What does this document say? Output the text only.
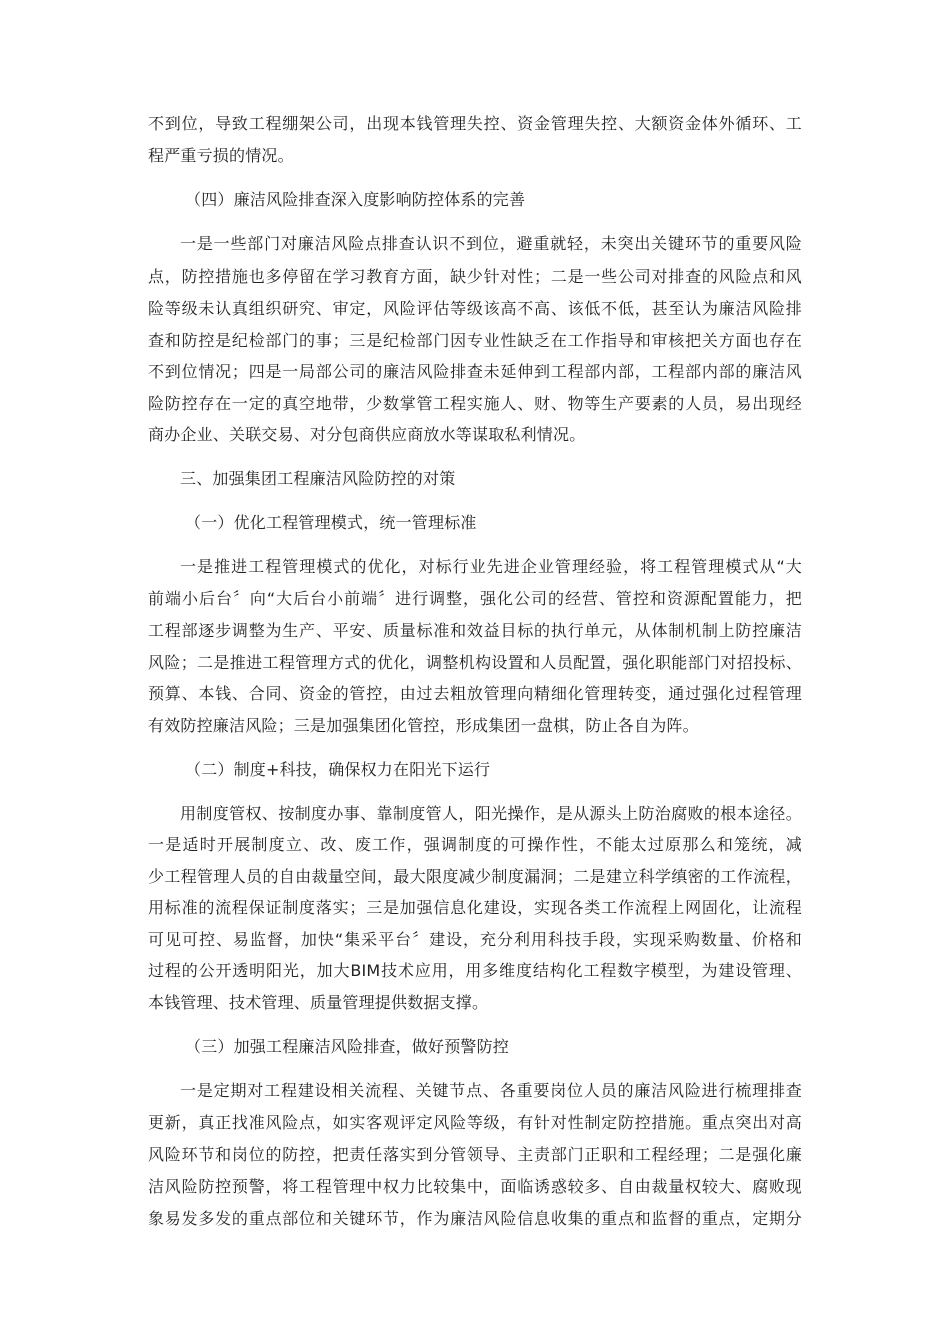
不到位，导致工程绷架公司，出现本钱管理失控、资金管理失控、大额资金体外循环、工
程严重亏损的情况。
（四）廉洁风险排查深入度影响防控体系的完善
一是一些部门对廉洁风险点排查认识不到位，避重就轻，未突出关键环节的重要风险
点，防控措施也多停留在学习教育方面，缺少针对性；二是一些公司对排查的风险点和风
险等级未认真组织研究、审定，风险评估等级该高不高、该低不低，甚至认为廉洁风险排
查和防控是纪检部门的事；三是纪检部门因专业性缺乏在工作指导和审核把关方面也存在
不到位情况；四是一局部公司的廉洁风险排查未延伸到工程部内部，工程部内部的廉洁风
险防控存在一定的真空地带，少数掌管工程实施人、财、物等生产要素的人员，易出现经
商办企业、关联交易、对分包商供应商放水等谋取私利情况。
三、加强集团工程廉洁风险防控的对策
（一）优化工程管理模式，统一管理标准
一是推进工程管理模式的优化，对标行业先进企业管理经验，将工程管理模式从“大
前端小后台〞向“大后台小前端〞进行调整，强化公司的经营、管控和资源配置能力，把
工程部逐步调整为生产、平安、质量标准和效益目标的执行单元，从体制机制上防控廉洁
风险；二是推进工程管理方式的优化，调整机构设置和人员配置，强化职能部门对招投标、
预算、本钱、合同、资金的管控，由过去粗放管理向精细化管理转变，通过强化过程管理
有效防控廉洁风险；三是加强集团化管控，形成集团一盘棋，防止各自为阵。
（二）制度+科技，确保权力在阳光下运行
用制度管权、按制度办事、靠制度管人，阳光操作，是从源头上防治腐败的根本途径。
一是适时开展制度立、改、废工作，强调制度的可操作性，不能太过原那么和笼统，减
少工程管理人员的自由裁量空间，最大限度减少制度漏洞；二是建立科学缜密的工作流程，
用标准的流程保证制度落实；三是加强信息化建设，实现各类工作流程上网固化，让流程
可见可控、易监督，加快“集采平台〞建设，充分利用科技手段，实现采购数量、价格和
过程的公开透明阳光，加大BIM技术应用，用多维度结构化工程数字模型，为建设管理、
本钱管理、技术管理、质量管理提供数据支撑。
（三）加强工程廉洁风险排查，做好预警防控
一是定期对工程建设相关流程、关键节点、各重要岗位人员的廉洁风险进行梳理排查
更新，真正找准风险点，如实客观评定风险等级，有针对性制定防控措施。重点突出对高
风险环节和岗位的防控，把责任落实到分管领导、主责部门正职和工程经理；二是强化廉
洁风险防控预警，将工程管理中权力比较集中，面临诱惑较多、自由裁量权较大、腐败现
象易发多发的重点部位和关键环节，作为廉洁风险信息收集的重点和监督的重点，定期分
